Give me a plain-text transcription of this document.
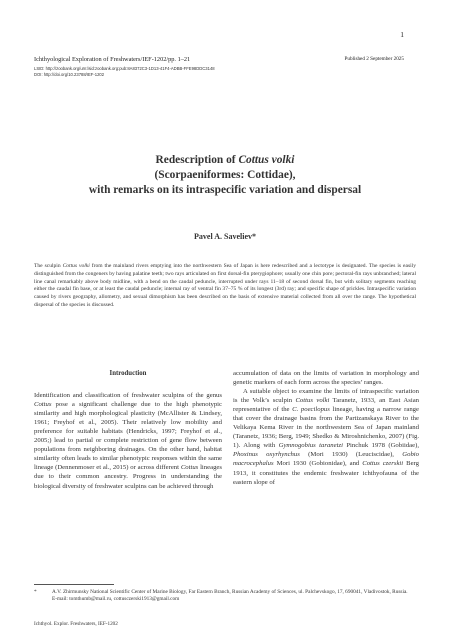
1
Ichthyological Exploration of Freshwaters/IEF-1202/pp. 1–21	Published 2 September 2025
LSID: http://zoobank.org/urn:lsid:zoobank.org:pub:8A8372C3-1D13-41F4-ADBB-FFE98DDC3148
DOI: http://doi.org/10.23788/IEF-1202
Redescription of Cottus volki
(Scorpaeniformes: Cottidae),
with remarks on its intraspecific variation and dispersal
Pavel A. Saveliev*
The sculpin Cottus volki from the mainland rivers emptying into the northwestern Sea of Japan is here redescribed and a lectotype is designated. The species is easily distinguished from the congeners by having palatine teeth; two rays articulated on first dorsal-fin pterygiophore; usually one chin pore; pectoral-fin rays unbranched; lateral line canal remarkably above body midline, with a bend on the caudal peduncle, interrupted under rays 11–18 of second dorsal fin, but with solitary segments reaching either the caudal fin base, or at least the caudal peduncle; internal ray of ventral fin 37–75 % of its longest (3rd) ray; and specific shape of prickles. Intraspecific variation caused by rivers geography, allometry, and sexual dimorphism has been described on the basis of extensive material collected from all over the range. The hypothetical dispersal of the species is discussed.
Introduction

Identification and classification of freshwater sculpins of the genus Cottus pose a significant challenge due to the high phenotypic similarity and high morphological plasticity (McAllister & Lindsey, 1961; Freyhof et al., 2005). Their relatively low mobility and preference for suitable habitats (Hendricks, 1997; Freyhof et al., 2005;) lead to partial or complete restriction of gene flow between populations from neighboring drainages. On the other hand, habitat similarity often leads to similar phenotypic responses within the same lineage (Dennenmoser et al., 2015) or across different Cottus lineages due to their common ancestry. Progress in understanding the biological diversity of freshwater sculpins can be achieved through

accumulation of data on the limits of variation in morphology and genetic markers of each form across the species’ ranges.

A suitable object to examine the limits of intraspecific variation is the Volk’s sculpin Cottus volki Taranetz, 1933, an East Asian representative of the C. poecilopus lineage, having a narrow range that cover the drainage basins from the Partizanskaya River to the Velikaya Kema River in the northwestern Sea of Japan mainland (Taranetz, 1936; Berg, 1949; Shedko & Miroshnichenko, 2007) (Fig. 1). Along with Gymnogobius taranetzi Pinchuk 1978 (Gobiidae), Phoxinus oxyrhynchus (Mori 1930) (Leuciscidae), Gobio macrocephalus Mori 1930 (Gobionidae), and Cottus czerskii Berg 1913, it constitutes the endemic freshwater ichthyofauna of the eastern slope of

*	A.V. Zhirmunsky National Scientific Center of Marine Biology, Far Eastern Branch, Russian Academy of Sciences, ul. Palchevskogo, 17, 690041, Vladivostok, Russia.
E-mail: tomthumb@mail.ru, cottusczerski1913@gmail.com
Ichthyol. Explor. Freshwaters, IEF-1202
